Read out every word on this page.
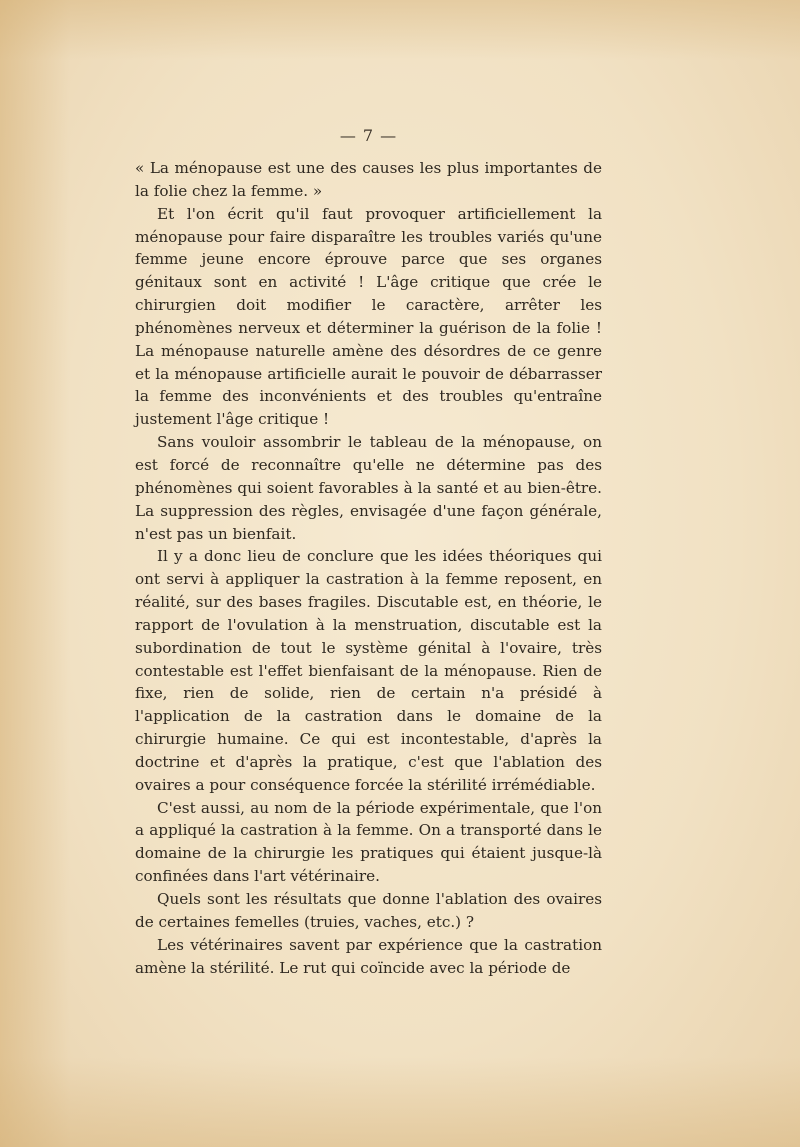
— 7 —

« La ménopause est une des causes les plus importantes de la folie chez la femme. »

Et l'on écrit qu'il faut provoquer artificiellement la ménopause pour faire disparaître les troubles variés qu'une femme jeune encore éprouve parce que ses organes génitaux sont en activité ! L'âge critique que crée le chirurgien doit modifier le caractère, arrêter les phénomènes nerveux et déterminer la guérison de la folie ! La ménopause naturelle amène des désordres de ce genre et la ménopause artificielle aurait le pouvoir de débarrasser la femme des inconvénients et des troubles qu'entraîne justement l'âge critique !

Sans vouloir assombrir le tableau de la ménopause, on est forcé de reconnaître qu'elle ne détermine pas des phénomènes qui soient favorables à la santé et au bien-être. La suppression des règles, envisagée d'une façon générale, n'est pas un bienfait.

Il y a donc lieu de conclure que les idées théoriques qui ont servi à appliquer la castration à la femme reposent, en réalité, sur des bases fragiles. Discutable est, en théorie, le rapport de l'ovulation à la menstruation, discutable est la subordination de tout le système génital à l'ovaire, très contestable est l'effet bienfaisant de la ménopause. Rien de fixe, rien de solide, rien de certain n'a présidé à l'application de la castration dans le domaine de la chirurgie humaine. Ce qui est incontestable, d'après la doctrine et d'après la pratique, c'est que l'ablation des ovaires a pour conséquence forcée la stérilité irrémédiable.

C'est aussi, au nom de la période expérimentale, que l'on a appliqué la castration à la femme. On a transporté dans le domaine de la chirurgie les pratiques qui étaient jusque-là confinées dans l'art vétérinaire.

Quels sont les résultats que donne l'ablation des ovaires de certaines femelles (truies, vaches, etc.) ?

Les vétérinaires savent par expérience que la castration amène la stérilité. Le rut qui coïncide avec la période de
